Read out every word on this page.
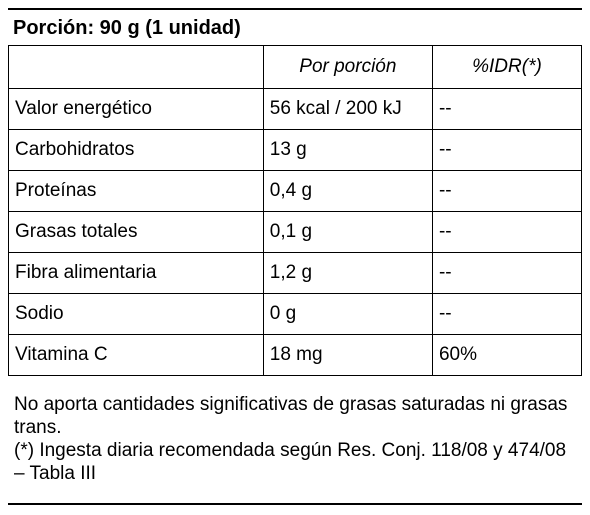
Porción: 90 g (1 unidad)
	Por porción	%IDR(*)
Valor energético	56 kcal / 200 kJ	--
Carbohidratos	13 g	--
Proteínas	0,4 g	--
Grasas totales	0,1 g	--
Fibra alimentaria	1,2 g	--
Sodio	0 g	--
Vitamina C	18 mg	60%
No aporta cantidades significativas de grasas saturadas ni grasas trans.
(*) Ingesta diaria recomendada según Res. Conj. 118/08 y 474/08 – Tabla III
